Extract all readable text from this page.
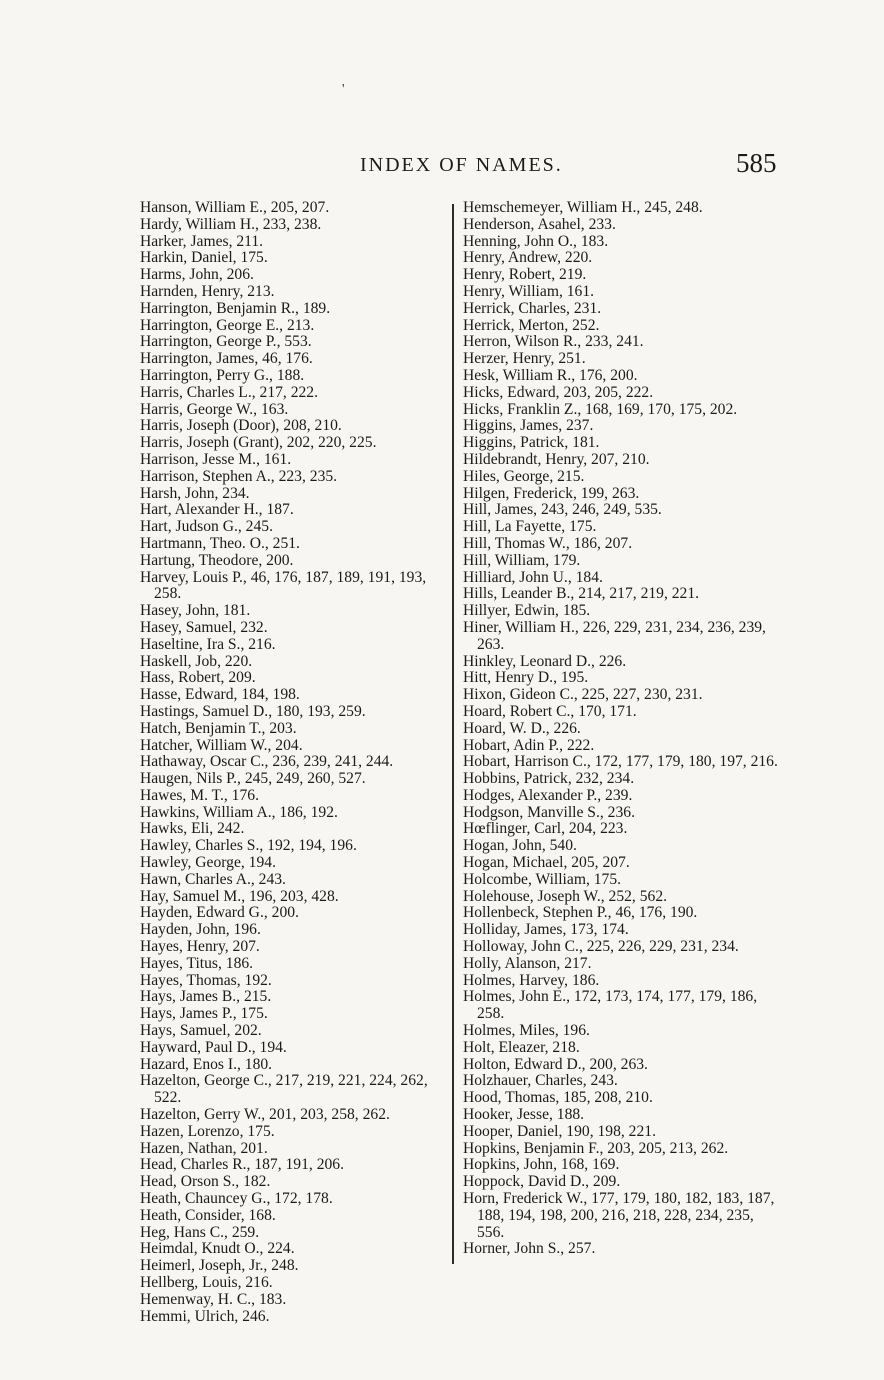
'
INDEX OF NAMES.	585
Hanson, William E., 205, 207.
Hardy, William H., 233, 238.
Harker, James, 211.
Harkin, Daniel, 175.
Harms, John, 206.
Harnden, Henry, 213.
Harrington, Benjamin R., 189.
Harrington, George E., 213.
Harrington, George P., 553.
Harrington, James, 46, 176.
Harrington, Perry G., 188.
Harris, Charles L., 217, 222.
Harris, George W., 163.
Harris, Joseph (Door), 208, 210.
Harris, Joseph (Grant), 202, 220, 225.
Harrison, Jesse M., 161.
Harrison, Stephen A., 223, 235.
Harsh, John, 234.
Hart, Alexander H., 187.
Hart, Judson G., 245.
Hartmann, Theo. O., 251.
Hartung, Theodore, 200.
Harvey, Louis P., 46, 176, 187, 189, 191, 193, 258.
Hasey, John, 181.
Hasey, Samuel, 232.
Haseltine, Ira S., 216.
Haskell, Job, 220.
Hass, Robert, 209.
Hasse, Edward, 184, 198.
Hastings, Samuel D., 180, 193, 259.
Hatch, Benjamin T., 203.
Hatcher, William W., 204.
Hathaway, Oscar C., 236, 239, 241, 244.
Haugen, Nils P., 245, 249, 260, 527.
Hawes, M. T., 176.
Hawkins, William A., 186, 192.
Hawks, Eli, 242.
Hawley, Charles S., 192, 194, 196.
Hawley, George, 194.
Hawn, Charles A., 243.
Hay, Samuel M., 196, 203, 428.
Hayden, Edward G., 200.
Hayden, John, 196.
Hayes, Henry, 207.
Hayes, Titus, 186.
Hayes, Thomas, 192.
Hays, James B., 215.
Hays, James P., 175.
Hays, Samuel, 202.
Hayward, Paul D., 194.
Hazard, Enos I., 180.
Hazelton, George C., 217, 219, 221, 224, 262, 522.
Hazelton, Gerry W., 201, 203, 258, 262.
Hazen, Lorenzo, 175.
Hazen, Nathan, 201.
Head, Charles R., 187, 191, 206.
Head, Orson S., 182.
Heath, Chauncey G., 172, 178.
Heath, Consider, 168.
Heg, Hans C., 259.
Heimdal, Knudt O., 224.
Heimerl, Joseph, Jr., 248.
Hellberg, Louis, 216.
Hemenway, H. C., 183.
Hemmi, Ulrich, 246.
Hemschemeyer, William H., 245, 248.
Henderson, Asahel, 233.
Henning, John O., 183.
Henry, Andrew, 220.
Henry, Robert, 219.
Henry, William, 161.
Herrick, Charles, 231.
Herrick, Merton, 252.
Herron, Wilson R., 233, 241.
Herzer, Henry, 251.
Hesk, William R., 176, 200.
Hicks, Edward, 203, 205, 222.
Hicks, Franklin Z., 168, 169, 170, 175, 202.
Higgins, James, 237.
Higgins, Patrick, 181.
Hildebrandt, Henry, 207, 210.
Hiles, George, 215.
Hilgen, Frederick, 199, 263.
Hill, James, 243, 246, 249, 535.
Hill, La Fayette, 175.
Hill, Thomas W., 186, 207.
Hill, William, 179.
Hilliard, John U., 184.
Hills, Leander B., 214, 217, 219, 221.
Hillyer, Edwin, 185.
Hiner, William H., 226, 229, 231, 234, 236, 239, 263.
Hinkley, Leonard D., 226.
Hitt, Henry D., 195.
Hixon, Gideon C., 225, 227, 230, 231.
Hoard, Robert C., 170, 171.
Hoard, W. D., 226.
Hobart, Adin P., 222.
Hobart, Harrison C., 172, 177, 179, 180, 197, 216.
Hobbins, Patrick, 232, 234.
Hodges, Alexander P., 239.
Hodgson, Manville S., 236.
Hœflinger, Carl, 204, 223.
Hogan, John, 540.
Hogan, Michael, 205, 207.
Holcombe, William, 175.
Holehouse, Joseph W., 252, 562.
Hollenbeck, Stephen P., 46, 176, 190.
Holliday, James, 173, 174.
Holloway, John C., 225, 226, 229, 231, 234.
Holly, Alanson, 217.
Holmes, Harvey, 186.
Holmes, John E., 172, 173, 174, 177, 179, 186, 258.
Holmes, Miles, 196.
Holt, Eleazer, 218.
Holton, Edward D., 200, 263.
Holzhauer, Charles, 243.
Hood, Thomas, 185, 208, 210.
Hooker, Jesse, 188.
Hooper, Daniel, 190, 198, 221.
Hopkins, Benjamin F., 203, 205, 213, 262.
Hopkins, John, 168, 169.
Hoppock, David D., 209.
Horn, Frederick W., 177, 179, 180, 182, 183, 187, 188, 194, 198, 200, 216, 218, 228, 234, 235, 556.
Horner, John S., 257.
